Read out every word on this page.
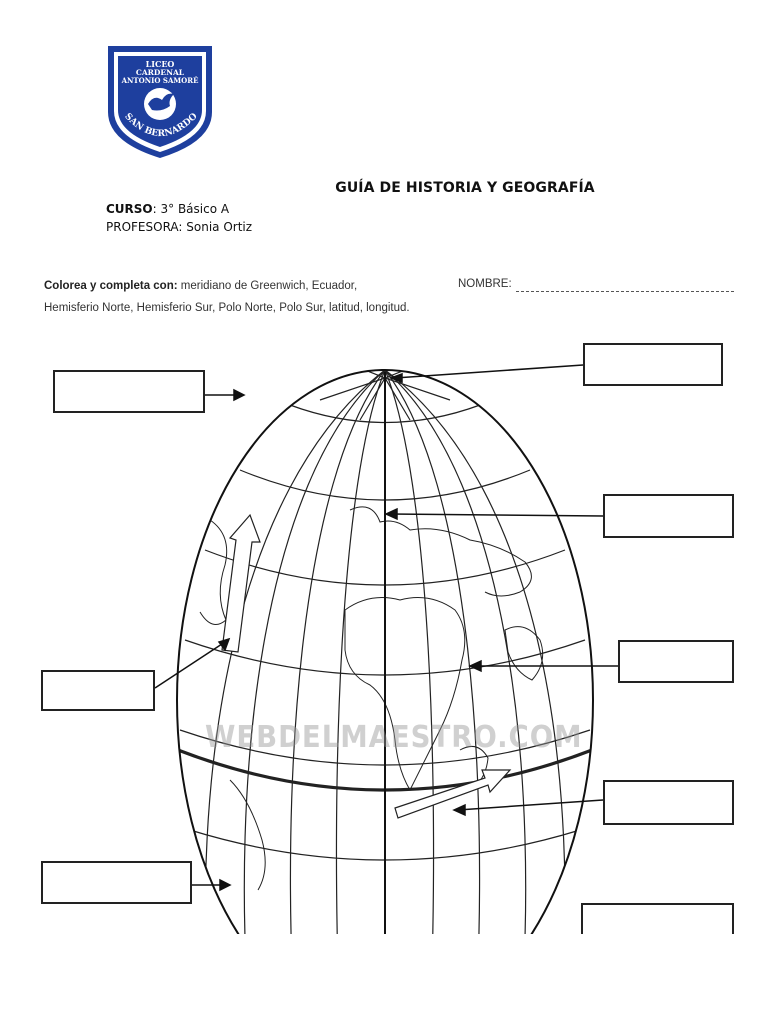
LICEO
CARDENAL
ANTONIO SAMORÉ
SAN BERNARDO
GUÍA DE HISTORIA Y GEOGRAFÍA
CURSO: 3° Básico A
PROFESORA: Sonia Ortiz
Colorea y completa con: meridiano de Greenwich, Ecuador,
Hemisferio Norte, Hemisferio Sur, Polo Norte, Polo Sur, latitud, longitud.
NOMBRE:
WEBDELMAESTRO.COM
